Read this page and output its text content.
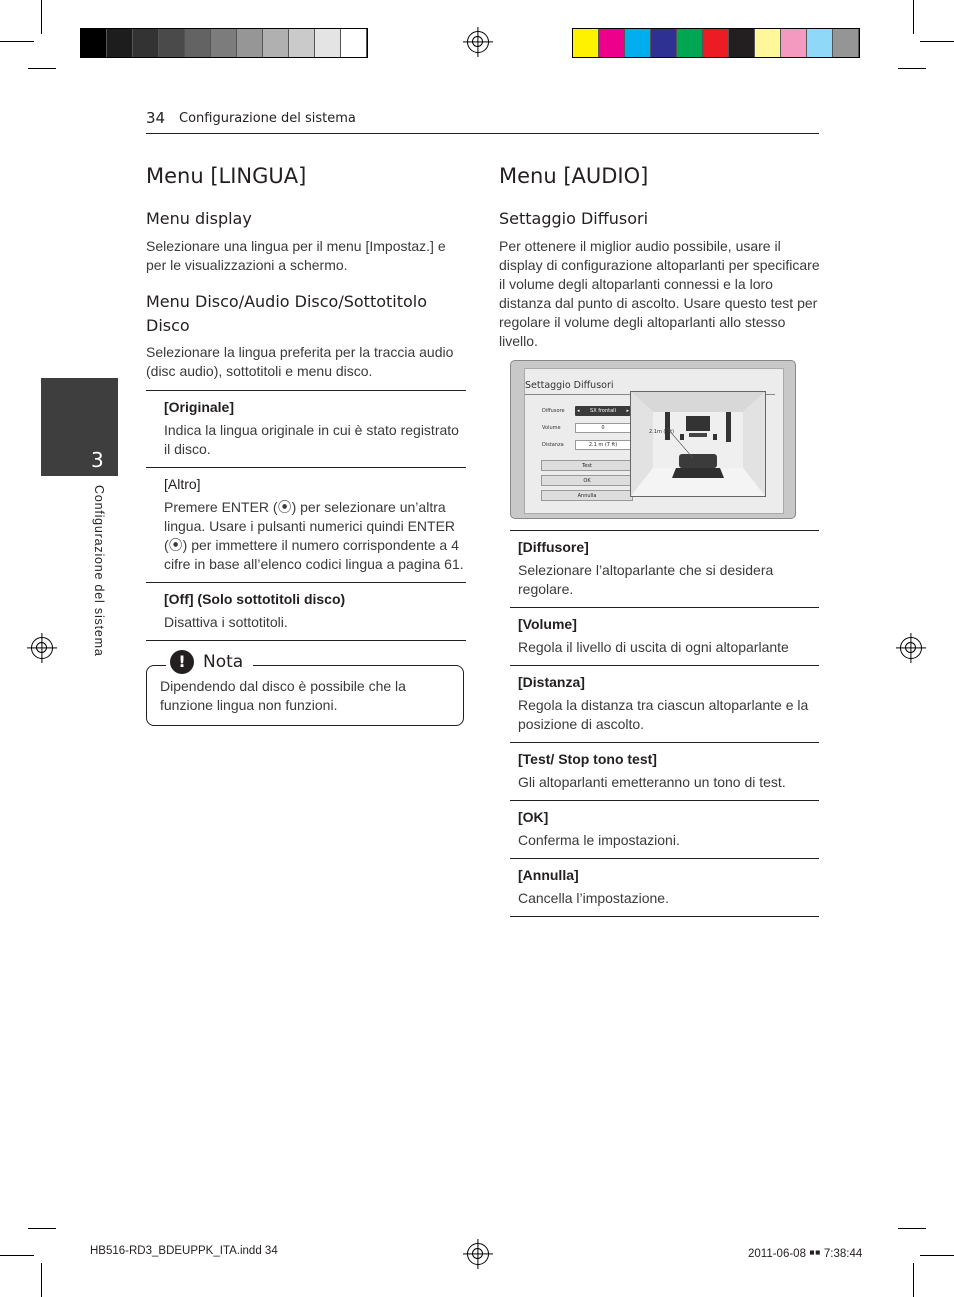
34 Configurazione del sistema
3
Configurazione del sistema
Menu [LINGUA]
Menu display
Selezionare una lingua per il menu [Impostaz.] e per le visualizzazioni a schermo.
Menu Disco/Audio Disco/Sottotitolo Disco
Selezionare la lingua preferita per la traccia audio (disc audio), sottotitoli e menu disco.
[Originale]
Indica la lingua originale in cui è stato registrato il disco.
[Altro]
Premere ENTER (⦿) per selezionare un’altra lingua. Usare i pulsanti numerici quindi ENTER (⦿) per immettere il numero corrispondente a 4 cifre in base all’elenco codici lingua a pagina 61.
[Off] (Solo sottotitoli disco)
Disattiva i sottotitoli.
!	Nota
Dipendendo dal disco è possibile che la funzione lingua non funzioni.
Menu [AUDIO]
Settaggio Diffusori
Per ottenere il miglior audio possibile, usare il display di configurazione altoparlanti per specificare il volume degli altoparlanti connessi e la loro distanza dal punto di ascolto. Usare questo test per regolare il volume degli altoparlanti allo stesso livello.
Settaggio Diffusori
Diffusore ◂ SX frontali ▸
Volume	0
Distanza	2.1 m (7 ft)
Test
OK
Annulla
2.1m (7ft)
[Diffusore]
Selezionare l’altoparlante che si desidera regolare.
[Volume]
Regola il livello di uscita di ogni altoparlante
[Distanza]
Regola la distanza tra ciascun altoparlante e la posizione di ascolto.
[Test/ Stop tono test]
Gli altoparlanti emetteranno un tono di test.
[OK]
Conferma le impostazioni.
[Annulla]
Cancella l’impostazione.
HB516-RD3_BDEUPPK_ITA.indd 34	2011-06-08 ￭￭ 7:38:44
